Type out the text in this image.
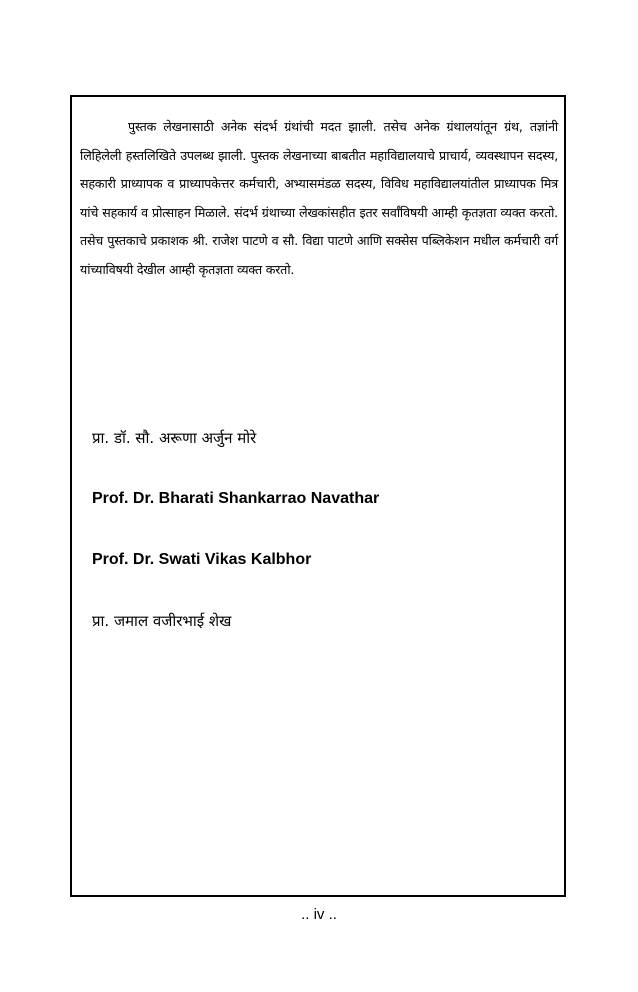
पुस्तक लेखनासाठी अनेक संदर्भ ग्रंथांची मदत झाली. तसेच अनेक ग्रंथालयांतून ग्रंथ, तज्ञांनी लिहिलेली हस्तलिखिते उपलब्ध झाली. पुस्तक लेखनाच्या बाबतीत महाविद्यालयाचे प्राचार्य, व्यवस्थापन सदस्य, सहकारी प्राध्यापक व प्राध्यापकेत्तर कर्मचारी, अभ्यासमंडळ सदस्य, विविध महाविद्यालयांतील प्राध्यापक मित्र यांचे सहकार्य व प्रोत्साहन मिळाले. संदर्भ ग्रंथाच्या लेखकांसहीत इतर सर्वांविषयी आम्ही कृतज्ञता व्यक्त करतो. तसेच पुस्तकाचे प्रकाशक श्री. राजेश पाटणे व सौ. विद्या पाटणे आणि सक्सेस पब्लिकेशन मधील कर्मचारी वर्ग यांच्याविषयी देखील आम्ही कृतज्ञता व्यक्त करतो.

प्रा. डॉ. सौ. अरूणा अर्जुन मोरे
Prof. Dr. Bharati Shankarrao Navathar
Prof. Dr. Swati Vikas Kalbhor
प्रा. जमाल वजीरभाई शेख
.. iv ..
